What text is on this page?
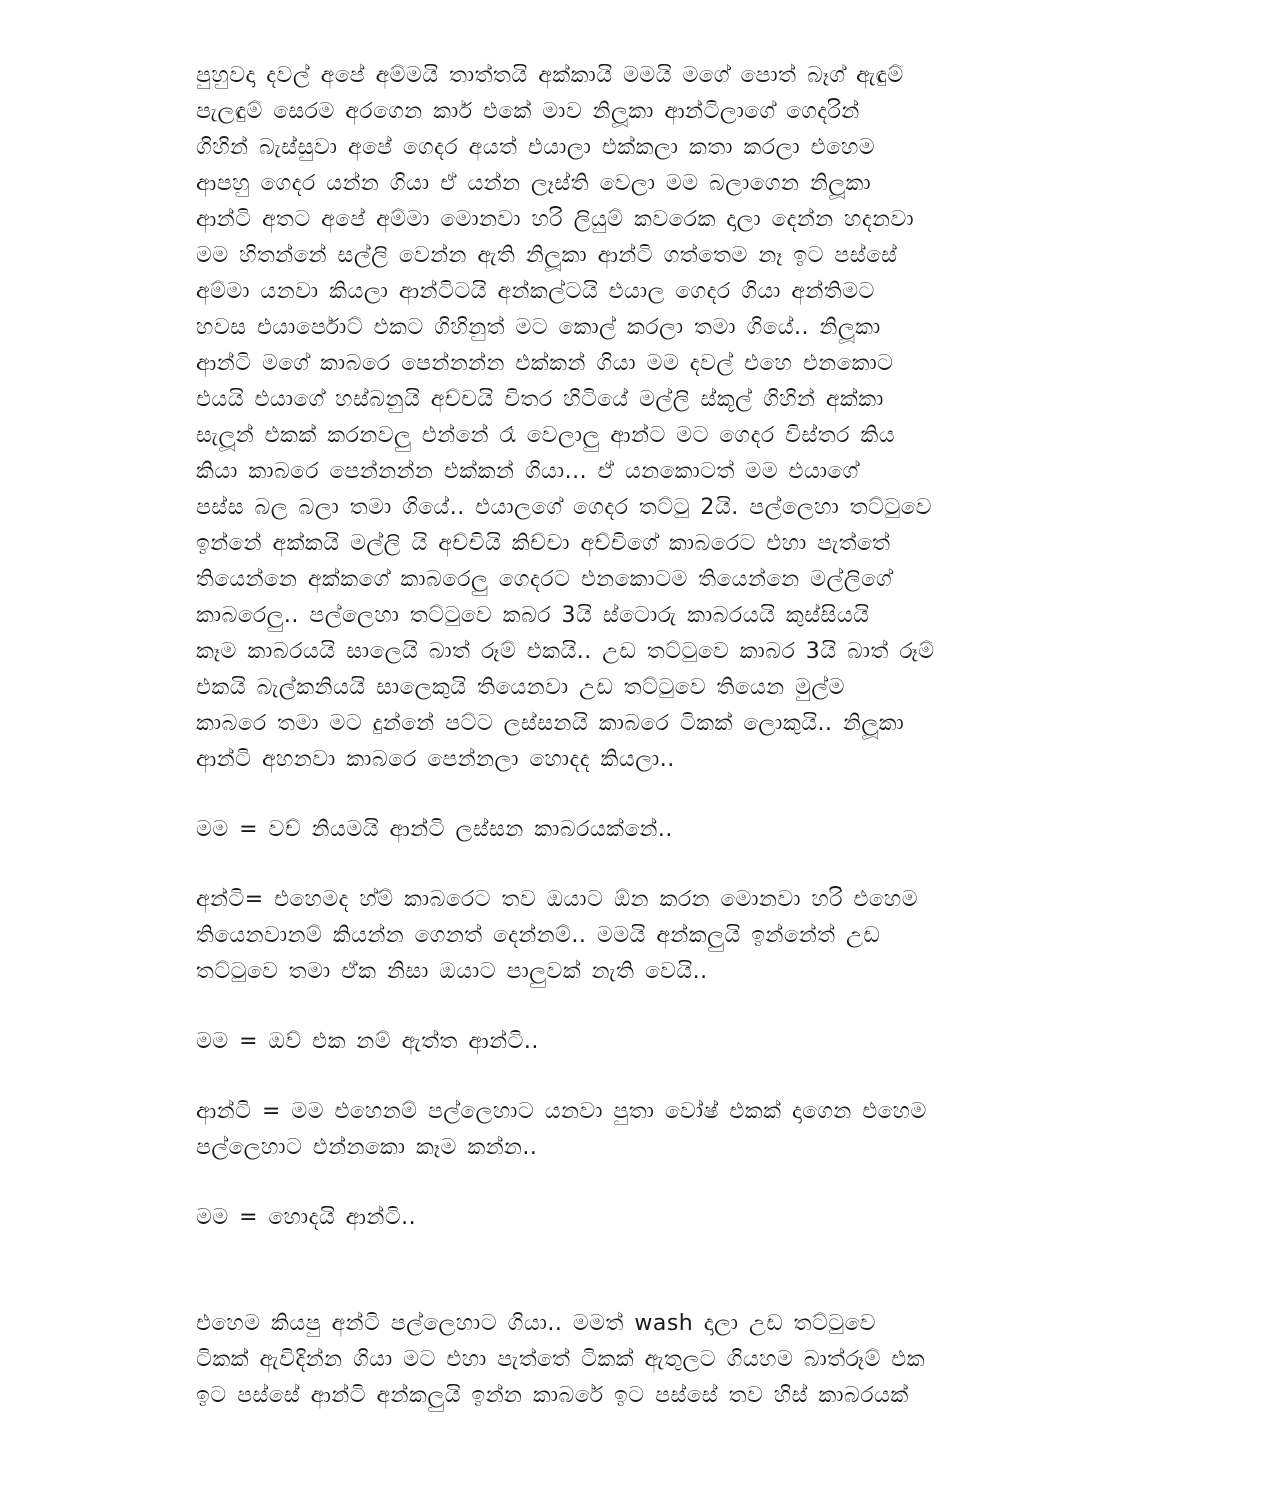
පුහුවදා දවල් අපේ අම්මයි තාත්තයි අක්කායි මමයි මගේ පොත් බෑග් ඇඳුම්
පැලඳුම් සෙරම අරගෙන කාර් එකේ මාව නිලූකා ආන්ටිලාගේ ගෙදරින්
ගිහින් බැස්සුවා අපේ ගෙදර අයත් එයාලා එක්කලා කතා කරලා එහෙම
ආපහු ගෙදර යන්න ගියා ඒ යන්න ලෑස්ති වෙලා මම බලාගෙන නිලූකා
ආන්ටි අතට අපේ අම්මා මොනවා හරි ලියුම් කවරෙක දාලා දෙන්න හදනවා
මම හිතන්නේ සල්ලි වෙන්න ඇති නිලූකා ආන්ටි ගත්තෙම නෑ ඉට පස්සේ
අම්මා යනවා කියලා ආන්ටිටයි අන්කල්ටයි එයාල ගෙදර ගියා අන්තිමට
හවස එයාර්පොට් එකට ගිහිනුත් මට කොල් කරලා තමා ගියේ.. නිලූකා
ආන්ටි මගේ කාබරෙ පෙන්නන්න එක්කන් ගියා මම දවල් එහෙ එනකොට
එයයි එයාගේ හස්බනුයි අච්චයි විතර හිටියේ මල්ලි ස්කූල් ගිහින් අක්කා
සැලූන් එකක් කරනවලු එන්නේ රෑ වෙලාලු ආන්ට මට ගෙදර විස්තර කිය
කියා කාබරෙ පෙන්නන්න එක්කන් ගියා... ඒ යනකොටත් මම එයාගේ
පස්ස බල බලා තමා ගියේ.. එයාලගේ ගෙදර තට්ටු 2යි. පල්ලෙහා තට්ටුවෙ
ඉන්නේ අක්කයි මල්ලි යි අච්චියි කිච්චා අච්චිගේ කාබරෙට එහා පැත්තේ
තියෙන්නෙ අක්කගේ කාබරෙලු ගෙදරට එනකොටම තියෙන්නෙ මල්ලිගේ
කාබරෙලු.. පල්ලෙහා තට්ටුවෙ කබර 3යි ස්ටොරු කාබරයයි කුස්සියයි
කෑම කාබරයයි සාලෙයි බාත් රූම් එකයි.. උඩ තට්ටුවෙ කාබර 3යි බාත් රූම්
එකයි බැල්කනියයි සාලෙකුයි තියෙනවා උඩ තට්ටුවෙ තියෙන මුල්ම
කාබරෙ තමා මට දුන්නේ පට්ට ලස්සනයි කාබරෙ ටිකක් ලොකුයි.. නිලූකා
ආන්ටි අහනවා කාබරෙ පෙන්නලා හොදද කියලා..

මම = වච් නියමයි ආන්ටි ලස්සන කාබරයක්නේ..

අන්ටි= එහෙමද හ්ම් කාබරෙට තව ඔයාට ඕන කරන මොනවා හරි එහෙම
තියෙනවානම් කියන්න ගෙනත් දෙන්නම්.. මමයි අන්කලුයි ඉන්නේත් උඩ
තට්ටුවෙ තමා ඒක නිසා ඔයාට පාලුවක් නැති වෙයි..

මම = ඔව් එක නම් ඇත්ත ආන්ටි..

ආන්ටි = මම එහෙනම් පල්ලෙහාට යනවා පුතා වෝෂ් එකක් දාගෙන එහෙම
පල්ලෙහාට එන්නකො කෑම කන්න..

මම = හොදයි ආන්ටි..

එහෙම කියපු අන්ටි පල්ලෙහාට ගියා.. මමත් wash දාලා උඩ තට්ටුවෙ
ටිකක් ඇවිදින්න ගියා මට එහා පැත්තේ ටිකක් ඇතුලට ගියහම බාත්රූම් එක
ඉට පස්සේ ආන්ටි අන්කලුයි ඉන්න කාබරේ ඉට පස්සේ තව හිස් කාබරයක්
